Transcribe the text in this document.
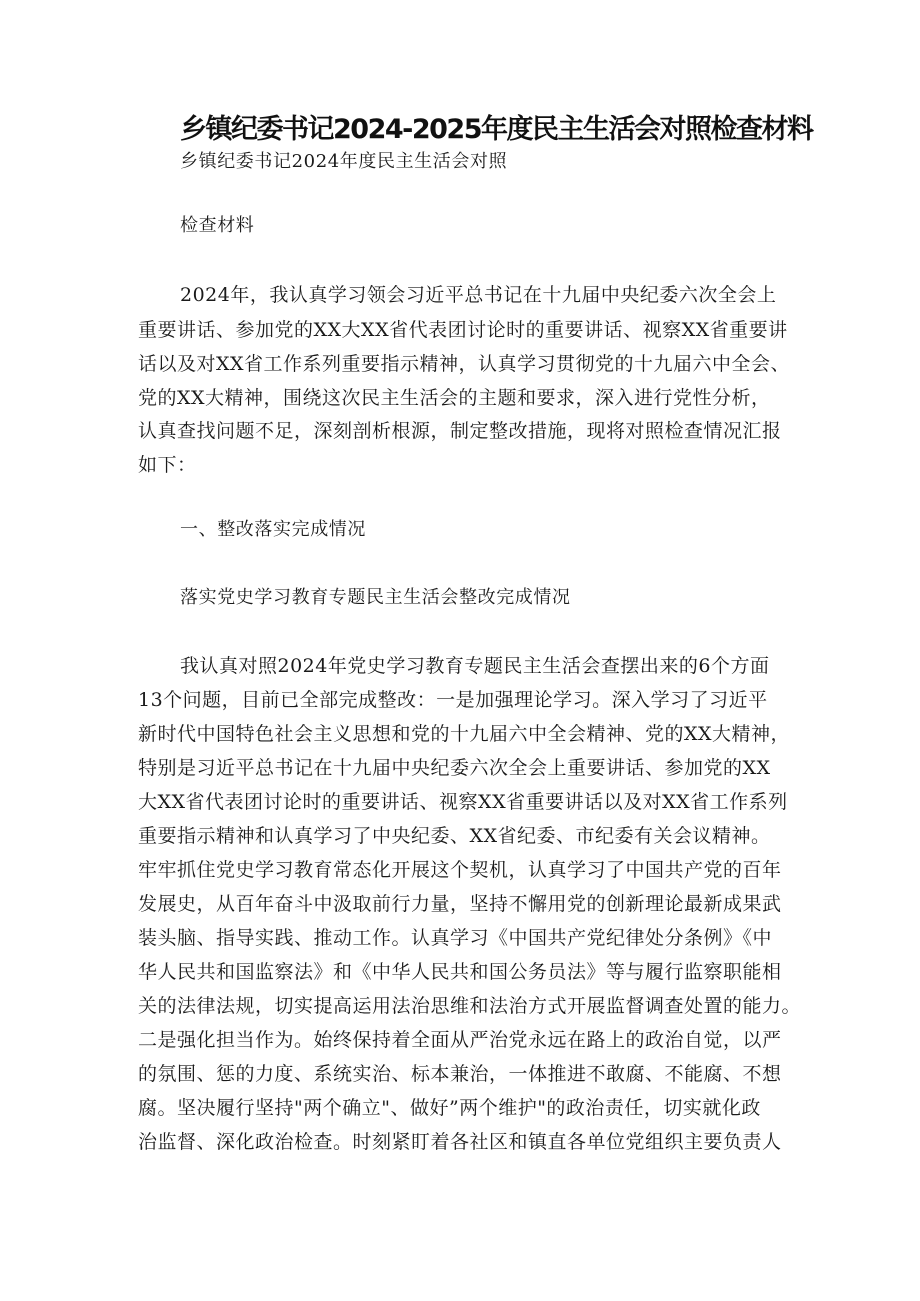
乡镇纪委书记2024-2025年度民主生活会对照检查材料
乡镇纪委书记2024年度民主生活会对照
检查材料
2024年，我认真学习领会习近平总书记在十九届中央纪委六次全会上
重要讲话、参加党的XX大XX省代表团讨论时的重要讲话、视察XX省重要讲
话以及对XX省工作系列重要指示精神，认真学习贯彻党的十九届六中全会、
党的XX大精神，围绕这次民主生活会的主题和要求，深入进行党性分析，
认真查找问题不足，深刻剖析根源，制定整改措施，现将对照检查情况汇报
如下：
一、整改落实完成情况
落实党史学习教育专题民主生活会整改完成情况
我认真对照2024年党史学习教育专题民主生活会查摆出来的6个方面
13个问题，目前已全部完成整改：一是加强理论学习。深入学习了习近平
新时代中国特色社会主义思想和党的十九届六中全会精神、党的XX大精神，
特别是习近平总书记在十九届中央纪委六次全会上重要讲话、参加党的XX
大XX省代表团讨论时的重要讲话、视察XX省重要讲话以及对XX省工作系列
重要指示精神和认真学习了中央纪委、XX省纪委、市纪委有关会议精神。
牢牢抓住党史学习教育常态化开展这个契机，认真学习了中国共产党的百年
发展史，从百年奋斗中汲取前行力量，坚持不懈用党的创新理论最新成果武
装头脑、指导实践、推动工作。认真学习《中国共产党纪律处分条例》《中
华人民共和国监察法》和《中华人民共和国公务员法》等与履行监察职能相
关的法律法规，切实提高运用法治思维和法治方式开展监督调查处置的能力。
二是强化担当作为。始终保持着全面从严治党永远在路上的政治自觉，以严
的氛围、惩的力度、系统实治、标本兼治，一体推进不敢腐、不能腐、不想
腐。坚决履行坚持"两个确立"、做好”两个维护"的政治责任，切实就化政
治监督、深化政治检查。时刻紧盯着各社区和镇直各单位党组织主要负责人
